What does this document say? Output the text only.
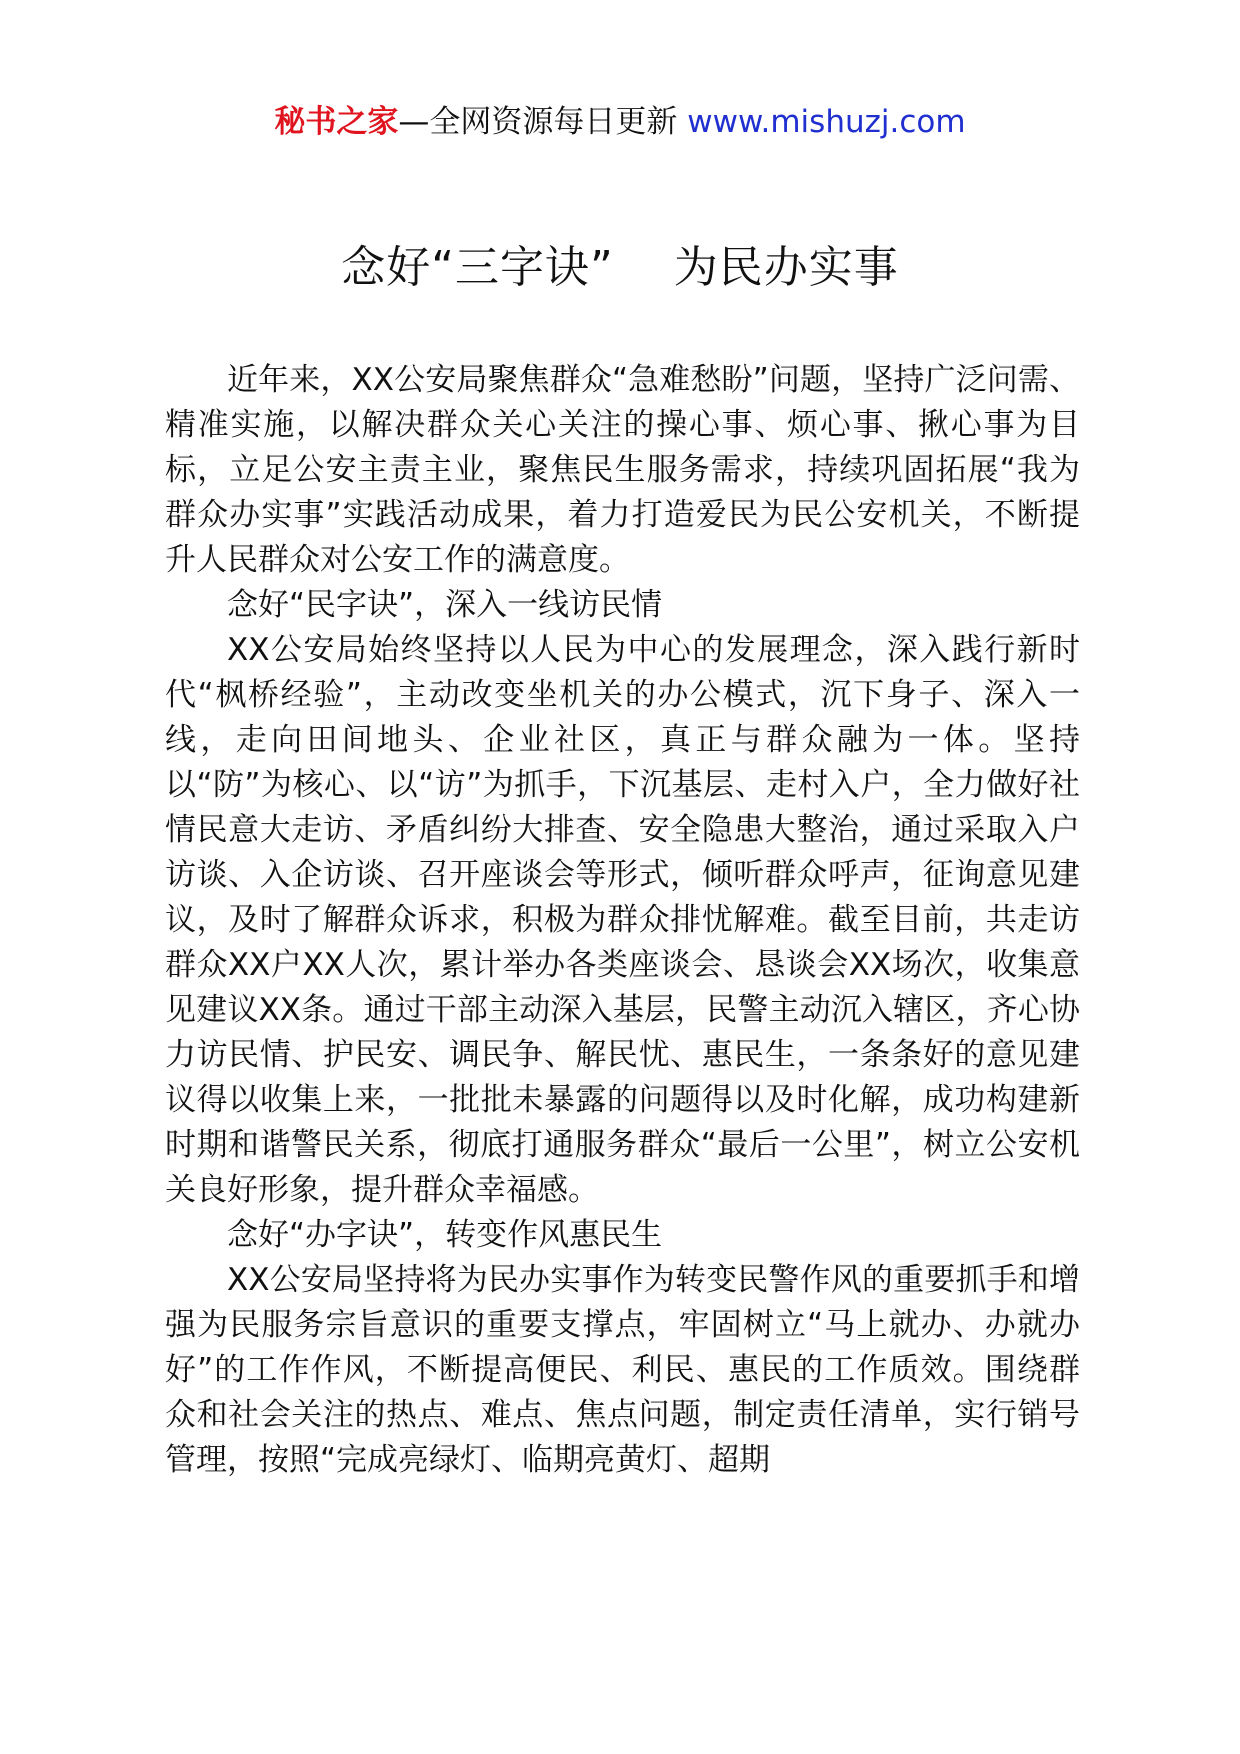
秘书之家—全网资源每日更新 www.mishuzj.com
念好“三字诀” 为民办实事

近年来，XX公安局聚焦群众“急难愁盼”问题，坚持广泛问需、精准实施，以解决群众关心关注的操心事、烦心事、揪心事为目标，立足公安主责主业，聚焦民生服务需求，持续巩固拓展“我为群众办实事”实践活动成果，着力打造爱民为民公安机关，不断提升人民群众对公安工作的满意度。

念好“民字诀”，深入一线访民情

XX公安局始终坚持以人民为中心的发展理念，深入践行新时代“枫桥经验”，主动改变坐机关的办公模式，沉下身子、深入一线，走向田间地头、企业社区，真正与群众融为一体。坚持以“防”为核心、以“访”为抓手，下沉基层、走村入户，全力做好社情民意大走访、矛盾纠纷大排查、安全隐患大整治，通过采取入户访谈、入企访谈、召开座谈会等形式，倾听群众呼声，征询意见建议，及时了解群众诉求，积极为群众排忧解难。截至目前，共走访群众XX户XX人次，累计举办各类座谈会、恳谈会XX场次，收集意见建议XX条。通过干部主动深入基层，民警主动沉入辖区，齐心协力访民情、护民安、调民争、解民忧、惠民生，一条条好的意见建议得以收集上来，一批批未暴露的问题得以及时化解，成功构建新时期和谐警民关系，彻底打通服务群众“最后一公里”，树立公安机关良好形象，提升群众幸福感。

念好“办字诀”，转变作风惠民生

XX公安局坚持将为民办实事作为转变民警作风的重要抓手和增强为民服务宗旨意识的重要支撑点，牢固树立“马上就办、办就办好”的工作作风，不断提高便民、利民、惠民的工作质效。围绕群众和社会关注的热点、难点、焦点问题，制定责任清单，实行销号管理，按照“完成亮绿灯、临期亮黄灯、超期
